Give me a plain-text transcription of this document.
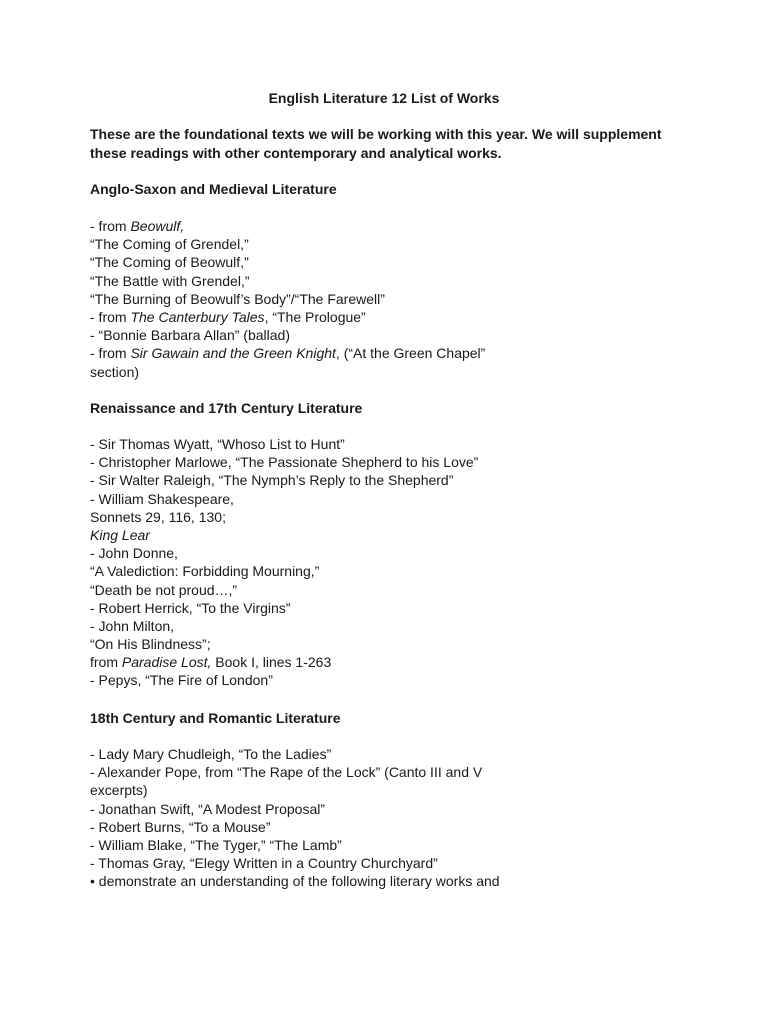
English Literature 12 List of Works
These are the foundational texts we will be working with this year. We will supplement these readings with other contemporary and analytical works.
Anglo-Saxon and Medieval Literature
- from Beowulf,
“The Coming of Grendel,”
“The Coming of Beowulf,”
“The Battle with Grendel,”
“The Burning of Beowulf’s Body”/“The Farewell”
- from The Canterbury Tales, “The Prologue”
- “Bonnie Barbara Allan” (ballad)
- from Sir Gawain and the Green Knight, (“At the Green Chapel” section)
Renaissance and 17th Century Literature
- Sir Thomas Wyatt, “Whoso List to Hunt”
- Christopher Marlowe, “The Passionate Shepherd to his Love”
- Sir Walter Raleigh, “The Nymph’s Reply to the Shepherd”
- William Shakespeare,
Sonnets 29, 116, 130;
King Lear
- John Donne,
“A Valediction: Forbidding Mourning,”
“Death be not proud…,”
- Robert Herrick, “To the Virgins”
- John Milton,
“On His Blindness”;
from Paradise Lost, Book I, lines 1-263
- Pepys, “The Fire of London”
18th Century and Romantic Literature
- Lady Mary Chudleigh, “To the Ladies”
- Alexander Pope, from “The Rape of the Lock” (Canto III and V excerpts)
- Jonathan Swift, “A Modest Proposal”
- Robert Burns, “To a Mouse”
- William Blake, “The Tyger,” “The Lamb”
- Thomas Gray, “Elegy Written in a Country Churchyard”
• demonstrate an understanding of the following literary works and
